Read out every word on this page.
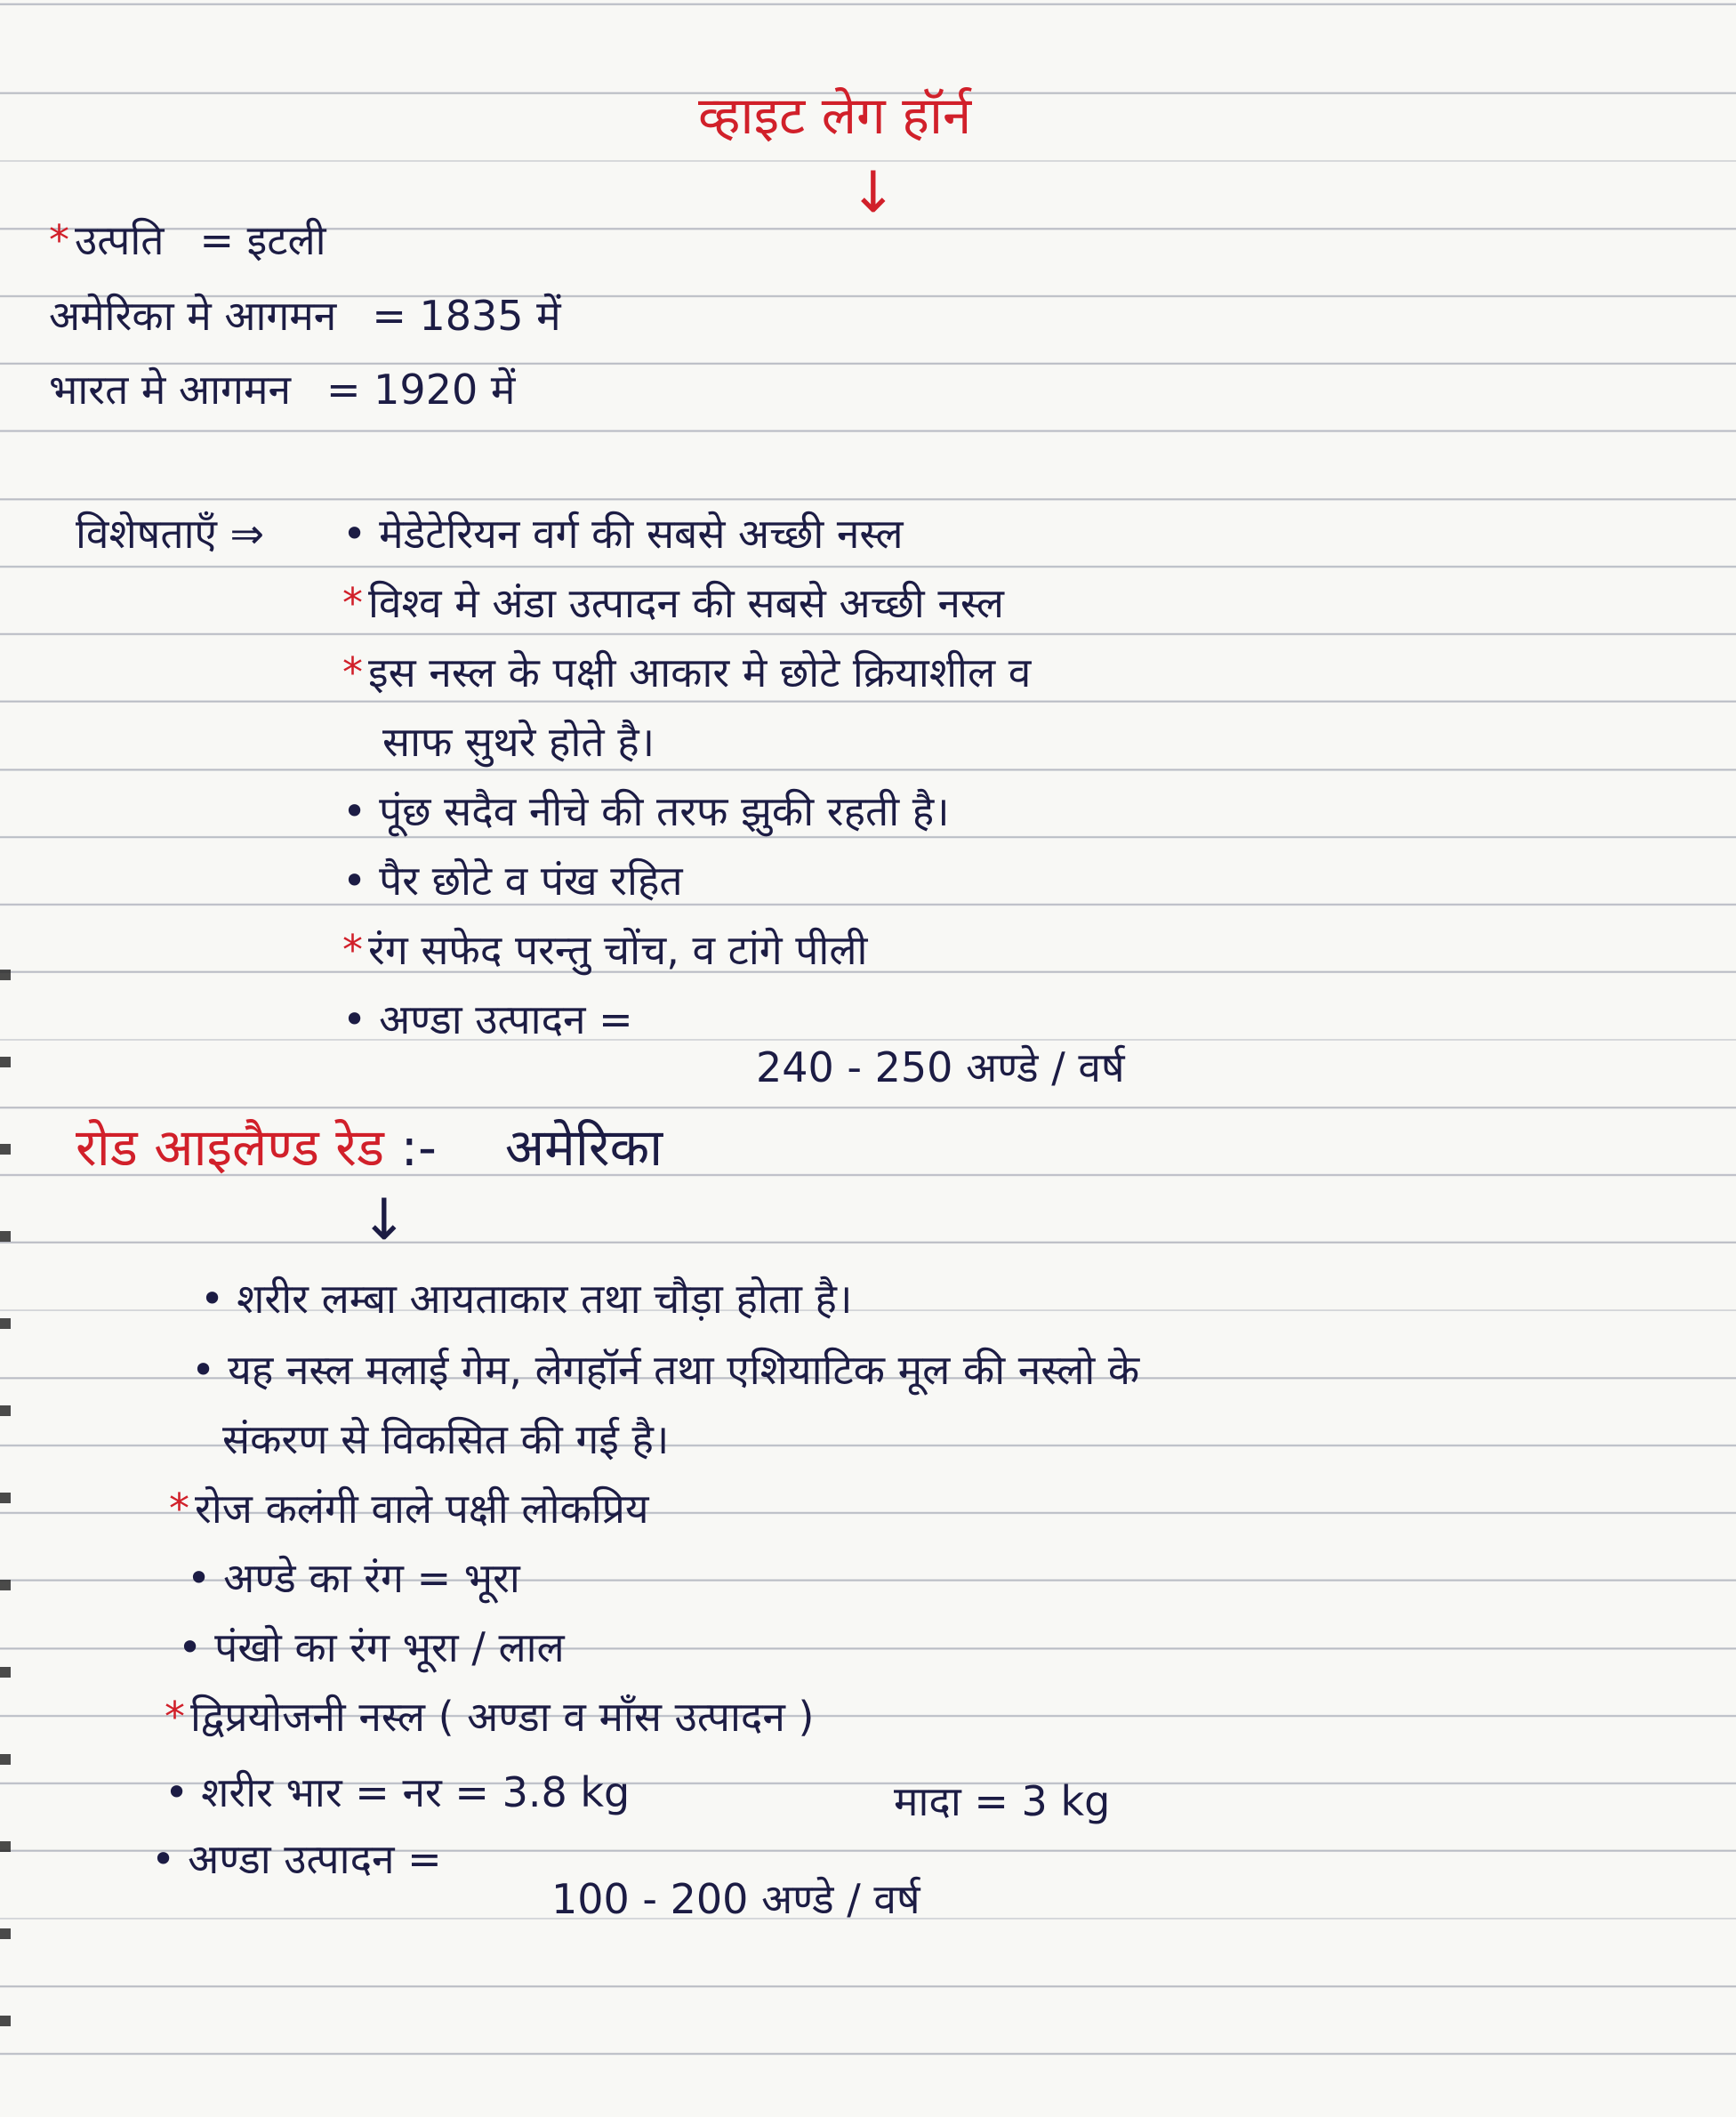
व्हाइट लेग हॉर्न
↓
* उत्पति = इटली
अमेरिका मे आगमन = 1835 में
भारत मे आगमन = 1920 में
विशेषताएँ ⇒ • मेडेटेरियन वर्ग की सबसे अच्छी नस्ल
* विश्व मे अंडा उत्पादन की सबसे अच्छी नस्ल
* इस नस्ल के पक्षी आकार मे छोटे क्रियाशील व
साफ सुथरे होते है।
• पूंछ सदैव नीचे की तरफ झुकी रहती है।
• पैर छोटे व पंख रहित
* रंग सफेद परन्तु चोंच, व टांगे पीली
• अण्डा उत्पादन =
240 - 250 अण्डे / वर्ष
रोड आइलैण्ड रेड :- अमेरिका
↓
• शरीर लम्बा आयताकार तथा चौड़ा होता है।
• यह नस्ल मलाई गेम, लेगहॉर्न तथा एशियाटिक मूल की नस्लो के
संकरण से विकसित की गई है।
* रोज कलंगी वाले पक्षी लोकप्रिय
• अण्डे का रंग = भूरा
• पंखो का रंग भूरा / लाल
* द्विप्रयोजनी नस्ल ( अण्डा व माँस उत्पादन )
• शरीर भार = नर = 3.8 kg	मादा = 3 kg
• अण्डा उत्पादन =
100 - 200 अण्डे / वर्ष
